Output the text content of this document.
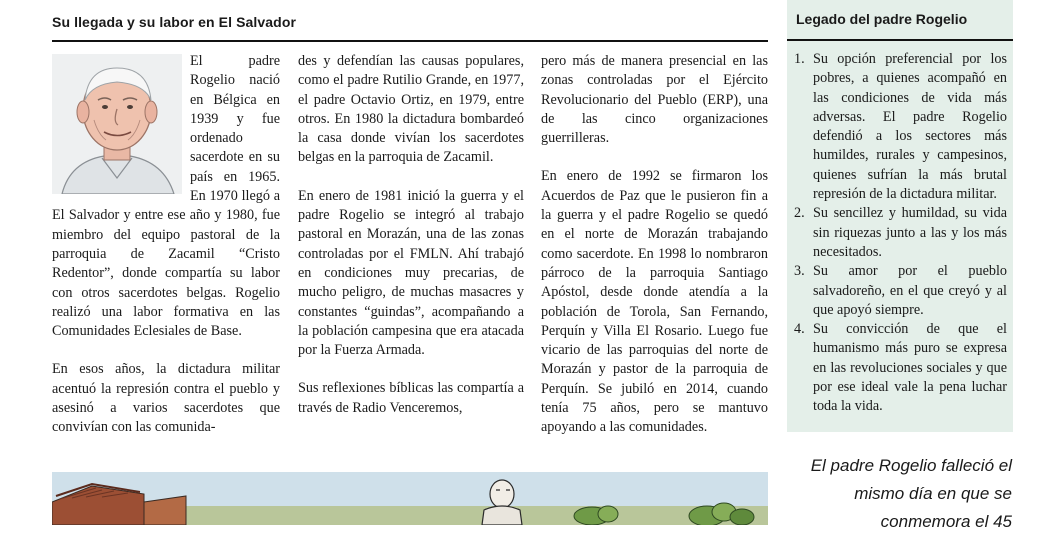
Su llegada y su labor en El Salvador

El padre Rogelio nació en Bélgica en 1939 y fue ordenado sacerdote en su país en 1965. En 1970 llegó a El Salvador y entre ese año y 1980, fue miembro del equipo pastoral de la parroquia de Zacamil “Cristo Redentor”, donde compartía su labor con otros sacerdotes belgas. Rogelio realizó una labor formativa en las Comunidades Eclesiales de Base.

En esos años, la dictadura militar acentuó la represión contra el pueblo y asesinó a varios sacerdotes que convivían con las comunida-

des y defendían las causas populares, como el padre Rutilio Grande, en 1977, el padre Octavio Ortiz, en 1979, entre otros. En 1980 la dictadura bombardeó la casa donde vivían los sacerdotes belgas en la parroquia de Zacamil.

En enero de 1981 inició la guerra y el padre Rogelio se integró al trabajo pastoral en Morazán, una de las zonas controladas por el FMLN. Ahí trabajó en condiciones muy precarias, de mucho peligro, de muchas masacres y constantes “guindas”, acompañando a la población campesina que era atacada por la Fuerza Armada.

Sus reflexiones bíblicas las compartía a través de Radio Venceremos,

pero más de manera presencial en las zonas controladas por el Ejército Revolucionario del Pueblo (ERP), una de las cinco organizaciones guerrilleras.

En enero de 1992 se firmaron los Acuerdos de Paz que le pusieron fin a la guerra y el padre Rogelio se quedó en el norte de Morazán trabajando como sacerdote. En 1998 lo nombraron párroco de la parroquia Santiago Apóstol, desde donde atendía a la población de Torola, San Fernando, Perquín y Villa El Rosario. Luego fue vicario de las parroquias del norte de Morazán y pastor de la parroquia de Perquín. Se jubiló en 2014, cuando tenía 75 años, pero se mantuvo apoyando a las comunidades.

Legado del padre Rogelio
1. Su opción preferencial por los pobres, a quienes acompañó en las condiciones de vida más adversas. El padre Rogelio defendió a los sectores más humildes, rurales y campesinos, quienes sufrían la más brutal represión de la dictadura militar.
2. Su sencillez y humildad, su vida sin riquezas junto a las y los más necesitados.
3. Su amor por el pueblo salvadoreño, en el que creyó y al que apoyó siempre.
4. Su convicción de que el humanismo más puro se expresa en las revoluciones sociales y que por ese ideal vale la pena luchar toda la vida.
El padre Rogelio falleció el mismo día en que se conmemora el 45
